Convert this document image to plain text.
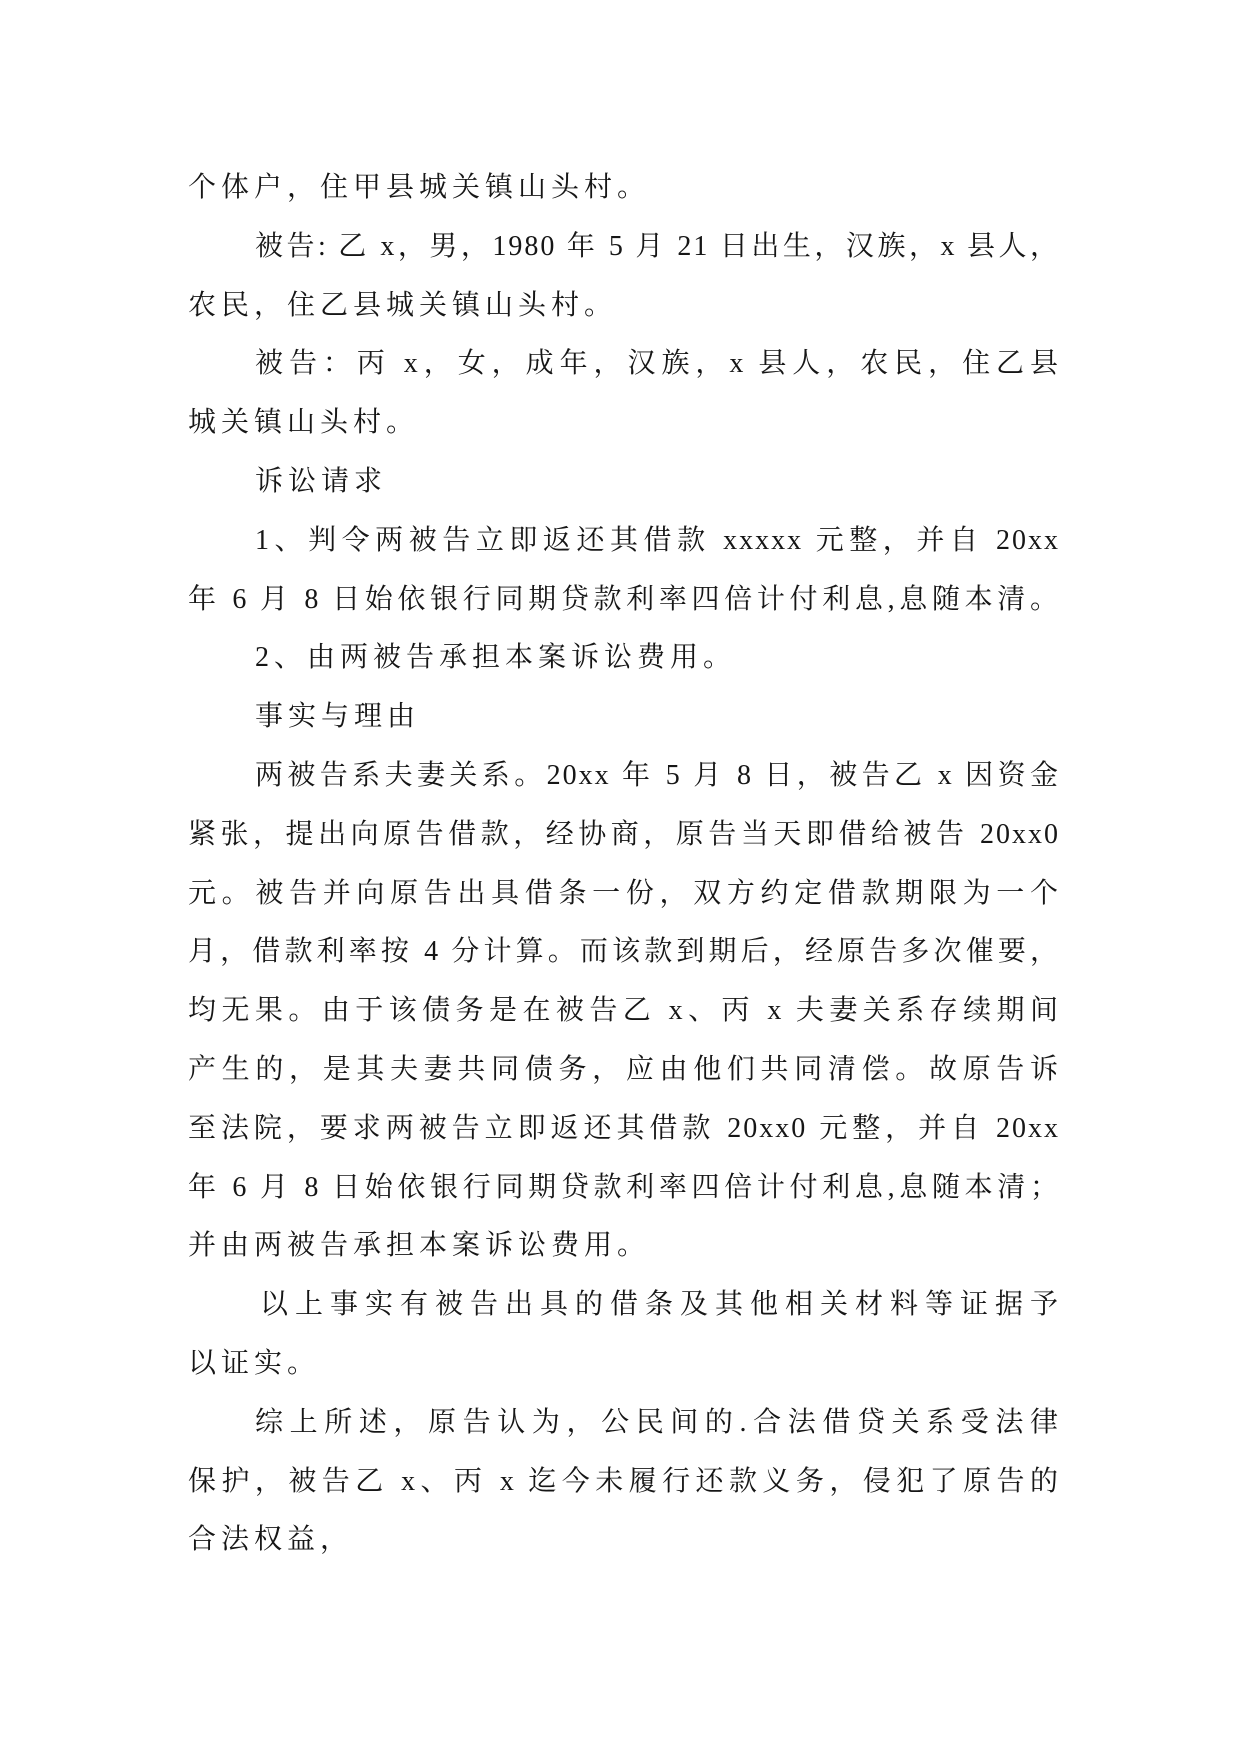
个体户，住甲县城关镇山头村。
被告: 乙 x，男，1980 年 5 月 21 日出生，汉族，x 县人，
农民，住乙县城关镇山头村。
被告：丙 x，女，成年，汉族，x 县人，农民，住乙县
城关镇山头村。
诉讼请求
1、判令两被告立即返还其借款 xxxxx 元整，并自 20xx
年 6 月 8 日始依银行同期贷款利率四倍计付利息,息随本清。
2、由两被告承担本案诉讼费用。
事实与理由
两被告系夫妻关系。20xx 年 5 月 8 日，被告乙 x 因资金
紧张，提出向原告借款，经协商，原告当天即借给被告 20xx0
元。被告并向原告出具借条一份，双方约定借款期限为一个
月，借款利率按 4 分计算。而该款到期后，经原告多次催要，
均无果。由于该债务是在被告乙 x、丙 x 夫妻关系存续期间
产生的，是其夫妻共同债务，应由他们共同清偿。故原告诉
至法院，要求两被告立即返还其借款 20xx0 元整，并自 20xx
年 6 月 8 日始依银行同期贷款利率四倍计付利息,息随本清；
并由两被告承担本案诉讼费用。
以上事实有被告出具的借条及其他相关材料等证据予
以证实。
综上所述，原告认为，公民间的.合法借贷关系受法律
保护，被告乙 x、丙 x 迄今未履行还款义务，侵犯了原告的
合法权益，
